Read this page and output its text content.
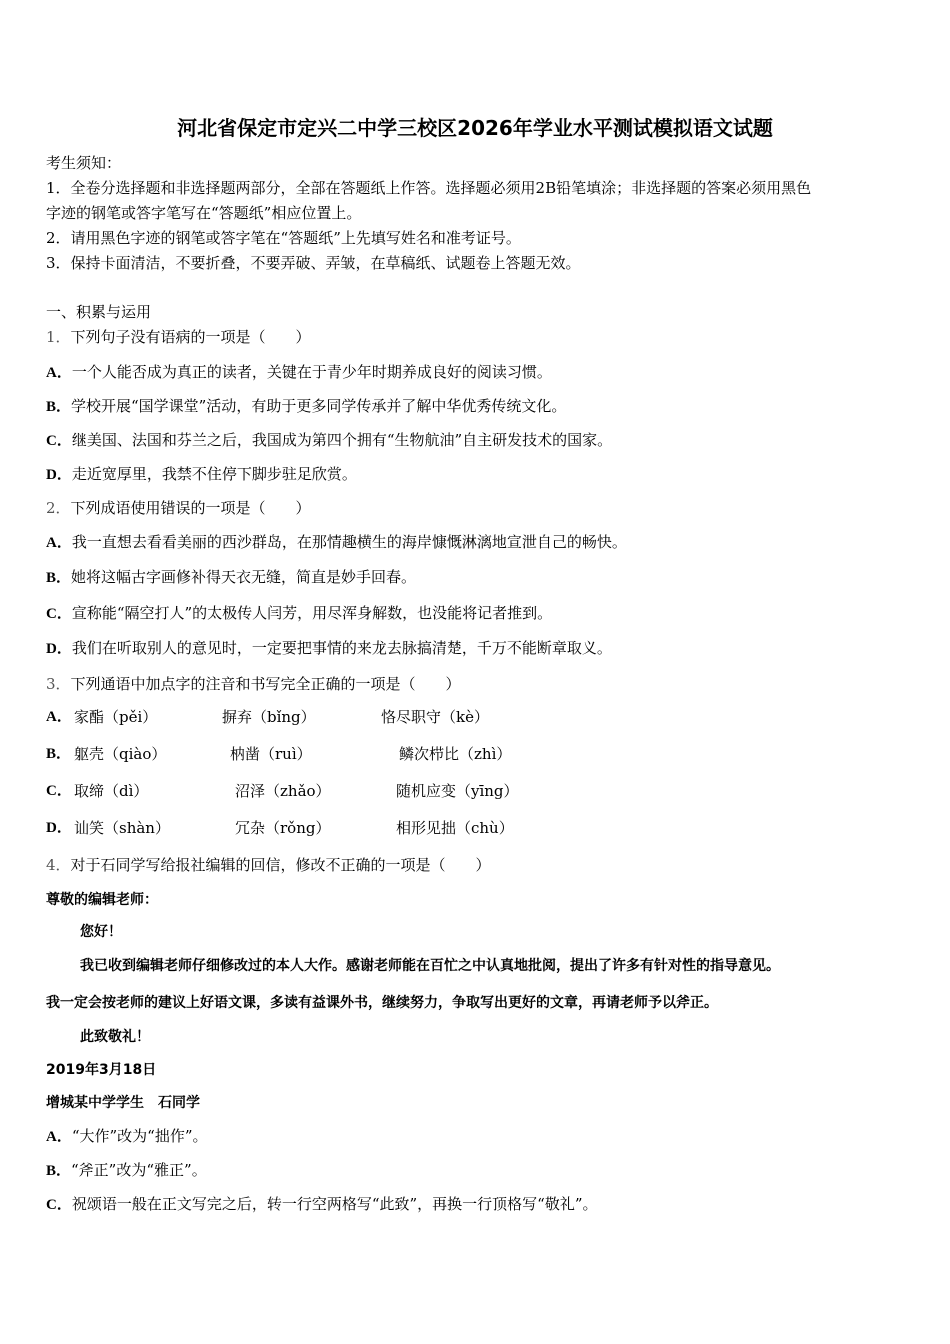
河北省保定市定兴二中学三校区2026年学业水平测试模拟语文试题
考生须知：
1．全卷分选择题和非选择题两部分，全部在答题纸上作答。选择题必须用2B铅笔填涂；非选择题的答案必须用黑色
字迹的钢笔或答字笔写在“答题纸”相应位置上。
2．请用黑色字迹的钢笔或答字笔在“答题纸”上先填写姓名和准考证号。
3．保持卡面清洁，不要折叠，不要弄破、弄皱，在草稿纸、试题卷上答题无效。
一、积累与运用
1．下列句子没有语病的一项是（　　）
A．一个人能否成为真正的读者，关键在于青少年时期养成良好的阅读习惯。
B．学校开展“国学课堂”活动，有助于更多同学传承并了解中华优秀传统文化。
C．继美国、法国和芬兰之后，我国成为第四个拥有“生物航油”自主研发技术的国家。
D．走近宽厚里，我禁不住停下脚步驻足欣赏。
2．下列成语使用错误的一项是（　　）
A．我一直想去看看美丽的西沙群岛，在那情趣横生的海岸慷慨淋漓地宣泄自己的畅快。
B．她将这幅古字画修补得天衣无缝，简直是妙手回春。
C．宣称能“隔空打人”的太极传人闫芳，用尽浑身解数，也没能将记者推到。
D．我们在听取别人的意见时，一定要把事情的来龙去脉搞清楚，千万不能断章取义。
3．下列通语中加点字的注音和书写完全正确的一项是（　　）
A． 家酯（pěi）	摒弃（bǐng）	恪尽职守（kè）
B． 躯壳（qiào）	枘凿（ruì）	鳞次栉比（zhì）
C． 取缔（dì）	沼泽（zhǎo）	随机应变（yīng）
D． 讪笑（shàn）	冗杂（rǒng）	相形见拙（chù）
4．对于石同学写给报社编辑的回信，修改不正确的一项是（　　）
尊敬的编辑老师：
您好！
我已收到编辑老师仔细修改过的本人大作。感谢老师能在百忙之中认真地批阅，提出了许多有针对性的指导意见。
我一定会按老师的建议上好语文课，多读有益课外书，继续努力，争取写出更好的文章，再请老师予以斧正。
此致敬礼！
2019年3月18日
增城某中学学生　石同学
A．“大作”改为“拙作”。
B．“斧正”改为“雅正”。
C．祝颂语一般在正文写完之后，转一行空两格写“此致”，再换一行顶格写“敬礼”。
